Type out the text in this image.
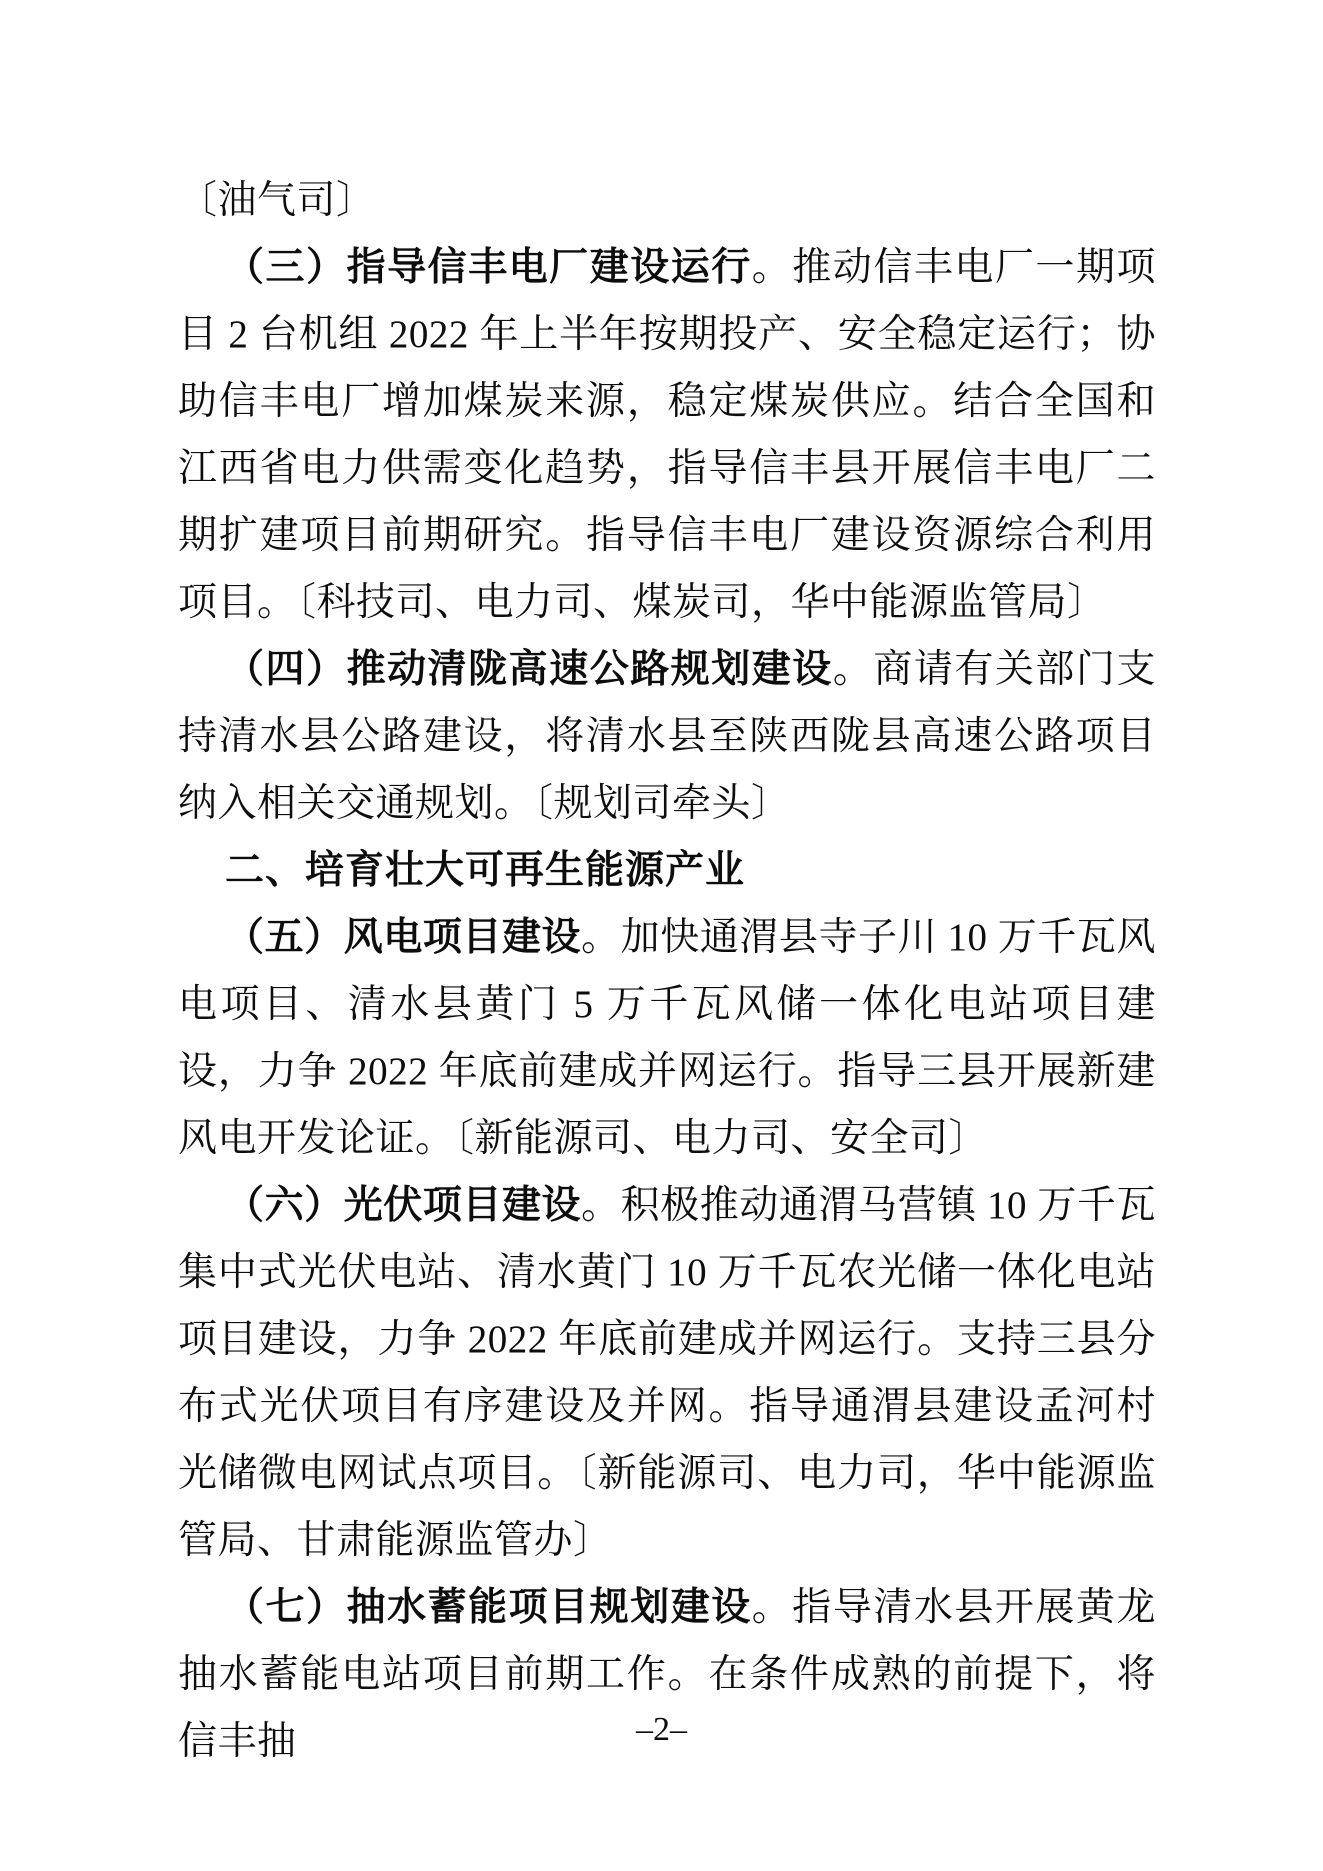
〔油气司〕

（三）指导信丰电厂建设运行。推动信丰电厂一期项目 2 台机组 2022 年上半年按期投产、安全稳定运行；协助信丰电厂增加煤炭来源，稳定煤炭供应。结合全国和江西省电力供需变化趋势，指导信丰县开展信丰电厂二期扩建项目前期研究。指导信丰电厂建设资源综合利用项目。〔科技司、电力司、煤炭司，华中能源监管局〕

（四）推动清陇高速公路规划建设。商请有关部门支持清水县公路建设，将清水县至陕西陇县高速公路项目纳入相关交通规划。〔规划司牵头〕

二、培育壮大可再生能源产业

（五）风电项目建设。加快通渭县寺子川 10 万千瓦风电项目、清水县黄门 5 万千瓦风储一体化电站项目建设，力争 2022 年底前建成并网运行。指导三县开展新建风电开发论证。〔新能源司、电力司、安全司〕

（六）光伏项目建设。积极推动通渭马营镇 10 万千瓦集中式光伏电站、清水黄门 10 万千瓦农光储一体化电站项目建设，力争 2022 年底前建成并网运行。支持三县分布式光伏项目有序建设及并网。指导通渭县建设孟河村光储微电网试点项目。〔新能源司、电力司，华中能源监管局、甘肃能源监管办〕

（七）抽水蓄能项目规划建设。指导清水县开展黄龙抽水蓄能电站项目前期工作。在条件成熟的前提下，将信丰抽	–2–
